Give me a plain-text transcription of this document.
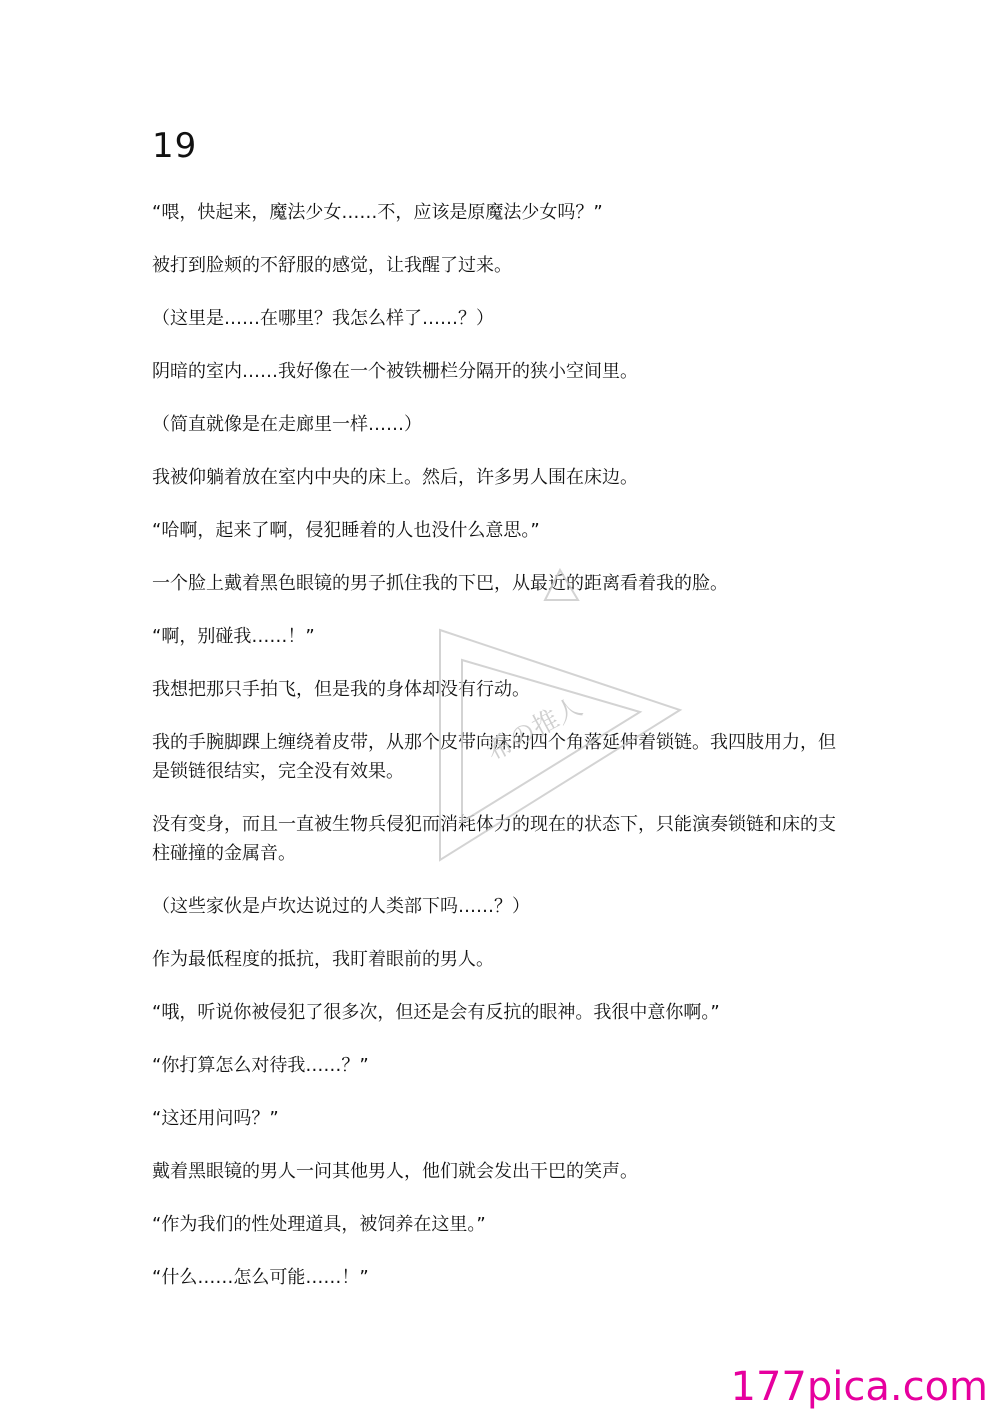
19

“喂，快起来，魔法少女……不，应该是原魔法少女吗？”

被打到脸颊的不舒服的感觉，让我醒了过来。

（这里是……在哪里？我怎么样了……？）

阴暗的室内……我好像在一个被铁栅栏分隔开的狭小空间里。

（简直就像是在走廊里一样……）

我被仰躺着放在室内中央的床上。然后，许多男人围在床边。

“哈啊，起来了啊，侵犯睡着的人也没什么意思。”

一个脸上戴着黑色眼镜的男子抓住我的下巴，从最近的距离看着我的脸。

“啊，别碰我……！”

我想把那只手拍飞，但是我的身体却没有行动。

我的手腕脚踝上缠绕着皮带，从那个皮带向床的四个角落延伸着锁链。我四肢用力，但是锁链很结实，完全没有效果。

没有变身，而且一直被生物兵侵犯而消耗体力的现在的状态下，只能演奏锁链和床的支柱碰撞的金属音。

（这些家伙是卢坎达说过的人类部下吗……？）

作为最低程度的抵抗，我盯着眼前的男人。

“哦，听说你被侵犯了很多次，但还是会有反抗的眼神。我很中意你啊。”

“你打算怎么对待我……？”

“这还用问吗？”

戴着黑眼镜的男人一问其他男人，他们就会发出干巴的笑声。

“作为我们的性处理道具，被饲养在这里。”

“什么……怎么可能……！”

希の推人
177pica.com
